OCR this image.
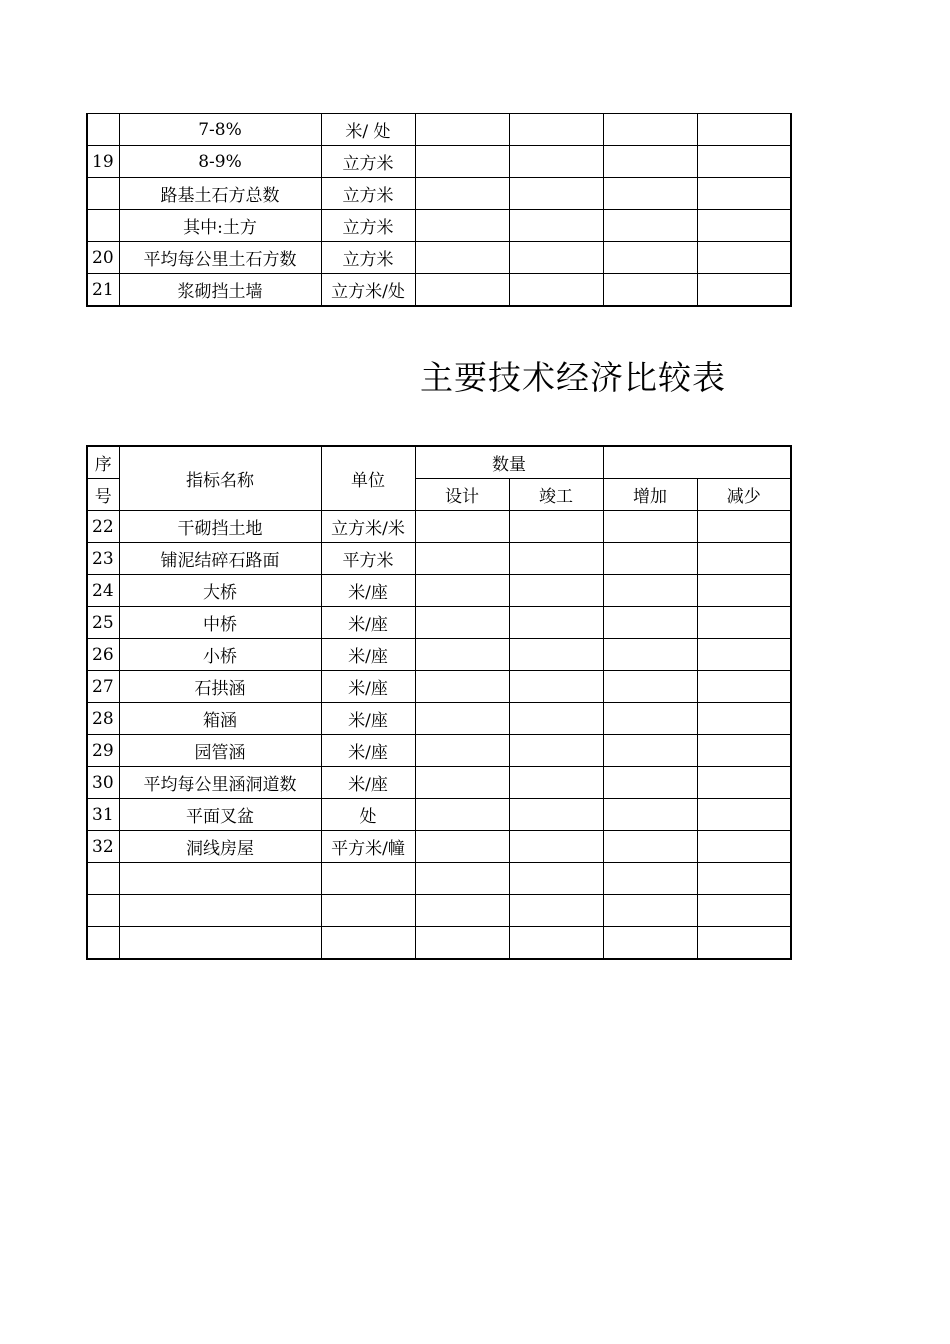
	7-8%	米/ 处				
19	8-9%	立方米				
	路基土石方总数	立方米				
	其中:土方	立方米				
20	平均每公里土石方数	立方米				
21	浆砌挡土墙	立方米/处				
主要技术经济比较表
序	指标名称	单位	数量			
号			设计	竣工	增加	减少
22	干砌挡土地	立方米/米				
23	铺泥结碎石路面	平方米				
24	大桥	米/座				
25	中桥	米/座				
26	小桥	米/座				
27	石拱涵	米/座				
28	箱涵	米/座				
29	园管涵	米/座				
30	平均每公里涵洞道数	米/座				
31	平面叉盆	处				
32	洞线房屋	平方米/幢				
